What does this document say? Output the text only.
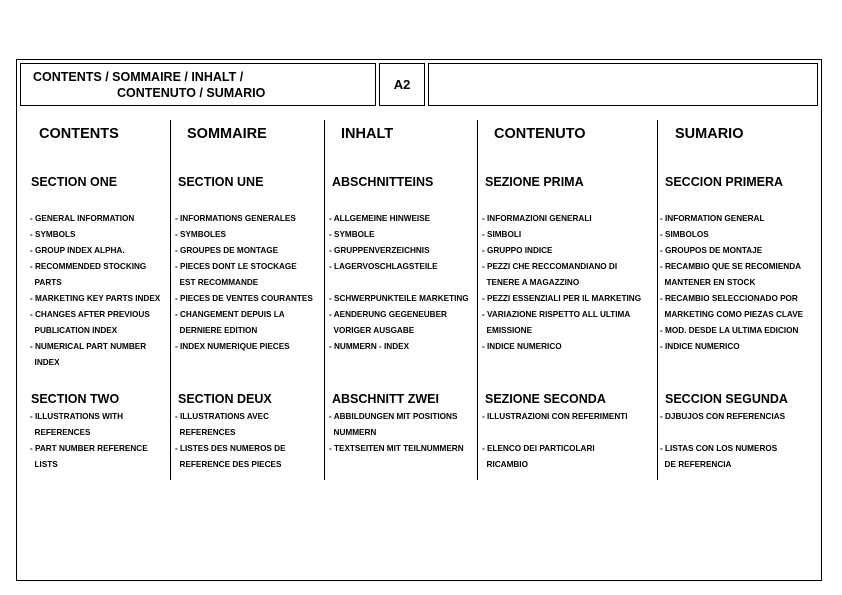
CONTENTS / SOMMAIRE / INHALT /
CONTENUTO / SUMARIO
A2
CONTENTS
SECTION ONE
- GENERAL INFORMATION
- SYMBOLS
- GROUP INDEX ALPHA.
- RECOMMENDED STOCKING
PARTS
- MARKETING KEY PARTS INDEX
- CHANGES AFTER PREVIOUS
PUBLICATION INDEX
- NUMERICAL PART NUMBER
INDEX
SECTION TWO
- ILLUSTRATIONS WITH
REFERENCES
- PART NUMBER REFERENCE
LISTS
SOMMAIRE
SECTION UNE
- INFORMATIONS GENERALES
- SYMBOLES
- GROUPES DE MONTAGE
- PIECES DONT LE STOCKAGE
EST RECOMMANDE
- PIECES DE VENTES COURANTES
- CHANGEMENT DEPUIS LA
DERNIERE EDITION
- INDEX NUMERIQUE PIECES
SECTION DEUX
- ILLUSTRATIONS AVEC
REFERENCES
- LISTES DES NUMEROS DE
REFERENCE DES PIECES
INHALT
ABSCHNITTEINS
- ALLGEMEINE HINWEISE
- SYMBOLE
- GRUPPENVERZEICHNIS
- LAGERVOSCHLAGSTEILE

- SCHWERPUNKTEILE MARKETING
- AENDERUNG GEGENEUBER
VORIGER AUSGABE
- NUMMERN - INDEX
ABSCHNITT ZWEI
- ABBILDUNGEN MIT POSITIONS
NUMMERN
- TEXTSEITEN MIT TEILNUMMERN
CONTENUTO
SEZIONE PRIMA
- INFORMAZIONI GENERALI
- SIMBOLI
- GRUPPO INDICE
- PEZZI CHE RECCOMANDIANO DI
TENERE A MAGAZZINO
- PEZZI ESSENZIALI PER IL MARKETING
- VARIAZIONE RISPETTO ALL ULTIMA
EMISSIONE
- INDICE NUMERICO
SEZIONE SECONDA
- ILLUSTRAZIONI CON REFERIMENTI

- ELENCO DEI PARTICOLARI
RICAMBIO
SUMARIO
SECCION PRIMERA
- INFORMATION GENERAL
- SIMBOLOS
- GROUPOS DE MONTAJE
- RECAMBIO QUE SE RECOMIENDA
MANTENER EN STOCK
- RECAMBIO SELECCIONADO POR
MARKETING COMO PIEZAS CLAVE
- MOD. DESDE LA ULTIMA EDICION
- INDICE NUMERICO
SECCION SEGUNDA
- DJBUJOS CON REFERENCIAS

- LISTAS CON LOS NUMEROS
DE REFERENCIA
